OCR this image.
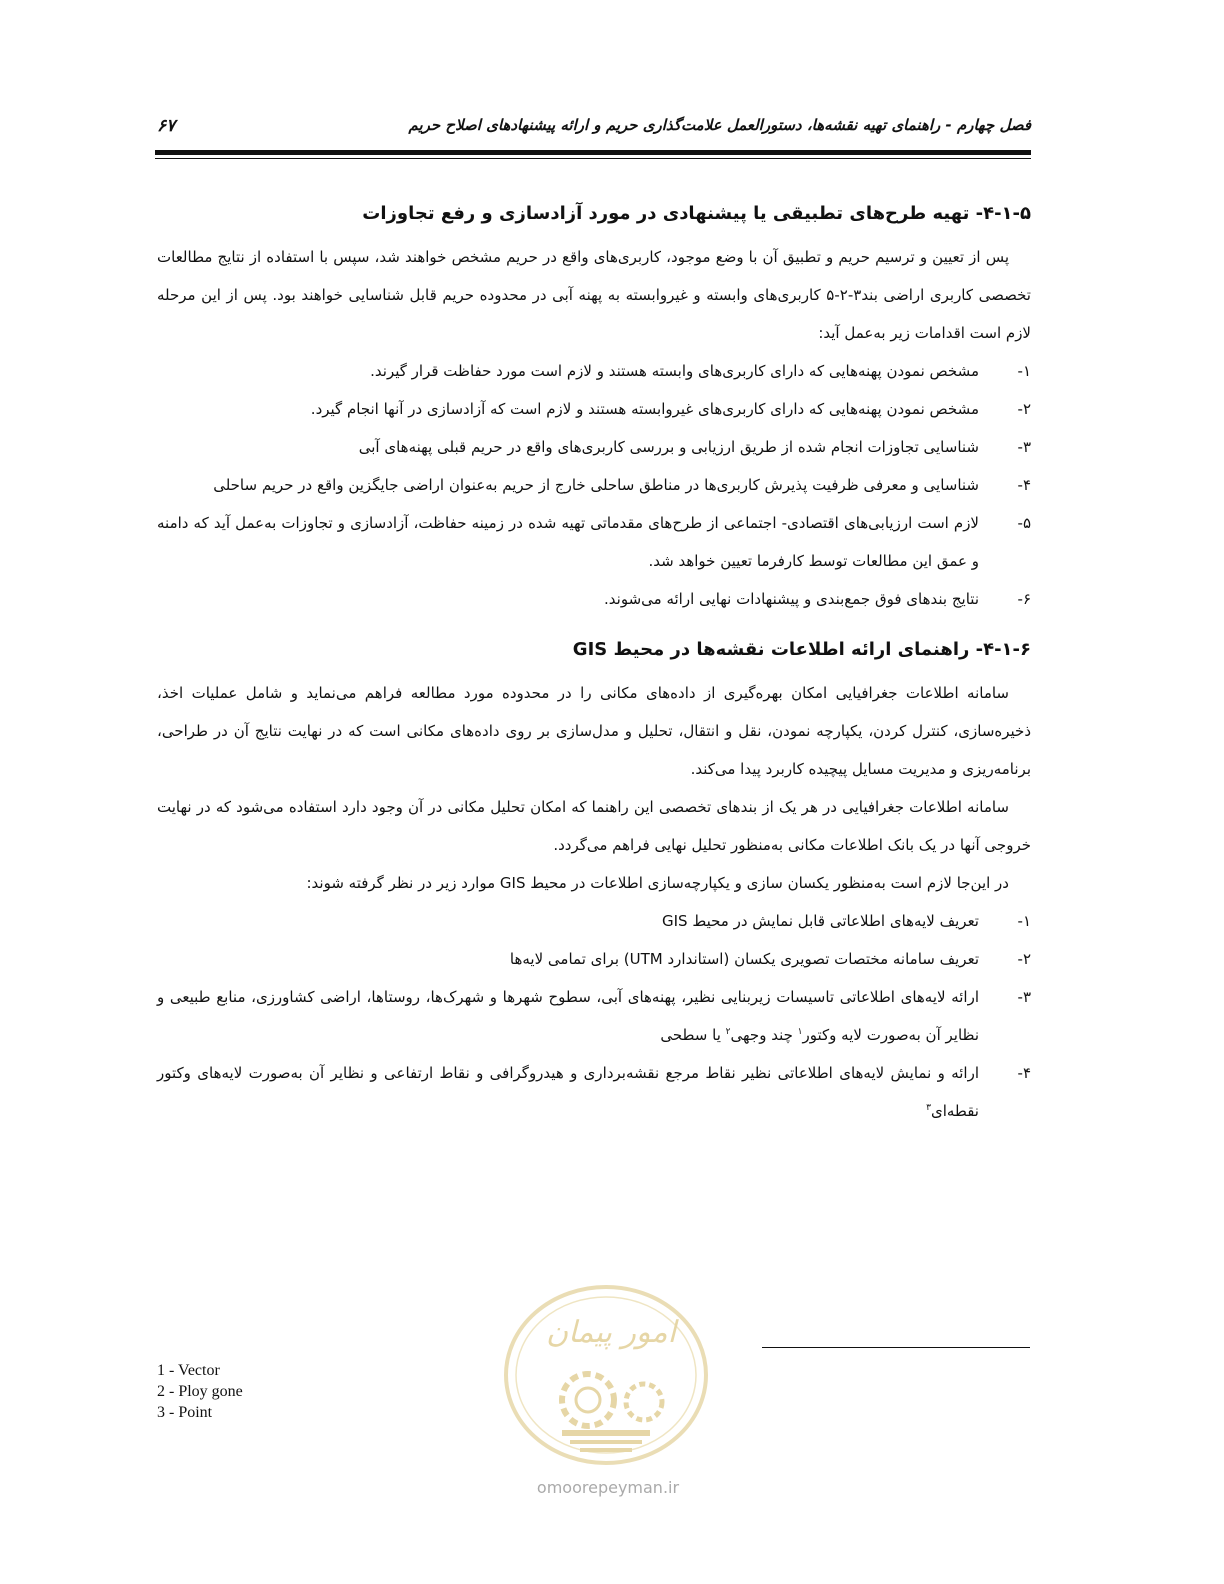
فصل چهارم - راهنمای تهیه نقشه‌ها، دستورالعمل علامت‌گذاری حریم و ارائه پیشنهادهای اصلاح حریم
۶۷
۴-۱-۵- تهیه طرح‌های تطبیقی یا پیشنهادی در مورد آزادسازی و رفع تجاوزات

پس از تعیین و ترسیم حریم و تطبیق آن با وضع موجود، کاربری‌های واقع در حریم مشخص خواهند شد، سپس با استفاده از نتایج مطالعات تخصصی کاربری اراضی بند۳-۲-۵ کاربری‌های وابسته و غیروابسته به پهنه آبی در محدوده حریم قابل شناسایی خواهند بود. پس از این مرحله لازم است اقدامات زیر به‌عمل آید:

۱-
مشخص نمودن پهنه‌هایی که دارای کاربری‌های وابسته هستند و لازم است مورد حفاظت قرار گیرند.
۲-
مشخص نمودن پهنه‌هایی که دارای کاربری‌های غیروابسته هستند و لازم است که آزادسازی در آنها انجام گیرد.
۳-
شناسایی تجاوزات انجام شده از طریق ارزیابی و بررسی کاربری‌های واقع در حریم قبلی پهنه‌های آبی
۴-
شناسایی و معرفی ظرفیت پذیرش کاربری‌ها در مناطق ساحلی خارج از حریم به‌عنوان اراضی جایگزین واقع در حریم ساحلی
۵-
لازم است ارزیابی‌های اقتصادی- اجتماعی از طرح‌های مقدماتی تهیه شده در زمینه حفاظت، آزادسازی و تجاوزات به‌عمل آید که دامنه و عمق این مطالعات توسط کارفرما تعیین خواهد شد.
۶-
نتایج بندهای فوق جمع‌بندی و پیشنهادات نهایی ارائه می‌شوند.
۴-۱-۶- راهنمای ارائه اطلاعات نقشه‌ها در محیط GIS

سامانه اطلاعات جغرافیایی امکان بهره‌گیری از داده‌های مکانی را در محدوده مورد مطالعه فراهم می‌نماید و شامل عملیات اخذ، ذخیره‌سازی، کنترل کردن، یکپارچه نمودن، نقل و انتقال، تحلیل و مدل‌سازی بر روی داده‌های مکانی است که در نهایت نتایج آن در طراحی، برنامه‌ریزی و مدیریت مسایل پیچیده کاربرد پیدا می‌کند.

سامانه اطلاعات جغرافیایی در هر یک از بندهای تخصصی این راهنما که امکان تحلیل مکانی در آن وجود دارد استفاده می‌شود که در نهایت خروجی آنها در یک بانک اطلاعات مکانی به‌منظور تحلیل نهایی فراهم می‌گردد.

در این‌جا لازم است به‌منظور یکسان سازی و یکپارچه‌سازی اطلاعات در محیط GIS موارد زیر در نظر گرفته شوند:

۱-
تعریف لایه‌های اطلاعاتی قابل نمایش در محیط GIS
۲-
تعریف سامانه مختصات تصویری یکسان (استاندارد UTM) برای تمامی لایه‌ها
۳-
ارائه لایه‌های اطلاعاتی تاسیسات زیربنایی نظیر، پهنه‌های آبی، سطوح شهرها و شهرک‌ها، روستاها، اراضی کشاورزی، منابع طبیعی و نظایر آن به‌صورت لایه وکتور$^۱$ چند وجهی$^۲$ یا سطحی
۴-
ارائه و نمایش لایه‌های اطلاعاتی نظیر نقاط مرجع نقشه‌برداری و هیدروگرافی و نقاط ارتفاعی و نظایر آن به‌صورت لایه‌های وکتور نقطه‌ای$^۳$
1 - Vector
2 - Ploy gone
3 - Point
امور پیمان
omoorepeyman.ir
